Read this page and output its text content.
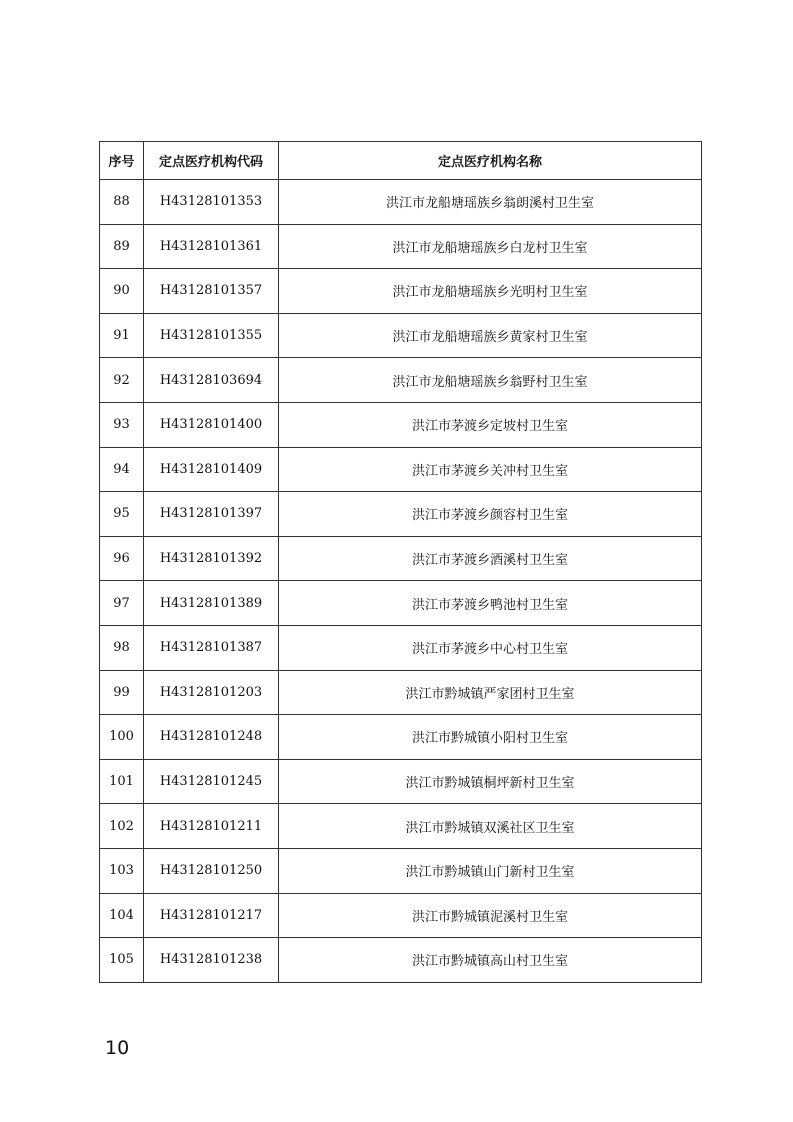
序号	定点医疗机构代码	定点医疗机构名称
88	H43128101353	洪江市龙船塘瑶族乡翁朗溪村卫生室
89	H43128101361	洪江市龙船塘瑶族乡白龙村卫生室
90	H43128101357	洪江市龙船塘瑶族乡光明村卫生室
91	H43128101355	洪江市龙船塘瑶族乡黄家村卫生室
92	H43128103694	洪江市龙船塘瑶族乡翁野村卫生室
93	H43128101400	洪江市茅渡乡定坡村卫生室
94	H43128101409	洪江市茅渡乡关冲村卫生室
95	H43128101397	洪江市茅渡乡颜容村卫生室
96	H43128101392	洪江市茅渡乡酒溪村卫生室
97	H43128101389	洪江市茅渡乡鸭池村卫生室
98	H43128101387	洪江市茅渡乡中心村卫生室
99	H43128101203	洪江市黔城镇严家团村卫生室
100	H43128101248	洪江市黔城镇小阳村卫生室
101	H43128101245	洪江市黔城镇桐坪新村卫生室
102	H43128101211	洪江市黔城镇双溪社区卫生室
103	H43128101250	洪江市黔城镇山门新村卫生室
104	H43128101217	洪江市黔城镇泥溪村卫生室
105	H43128101238	洪江市黔城镇高山村卫生室
10
